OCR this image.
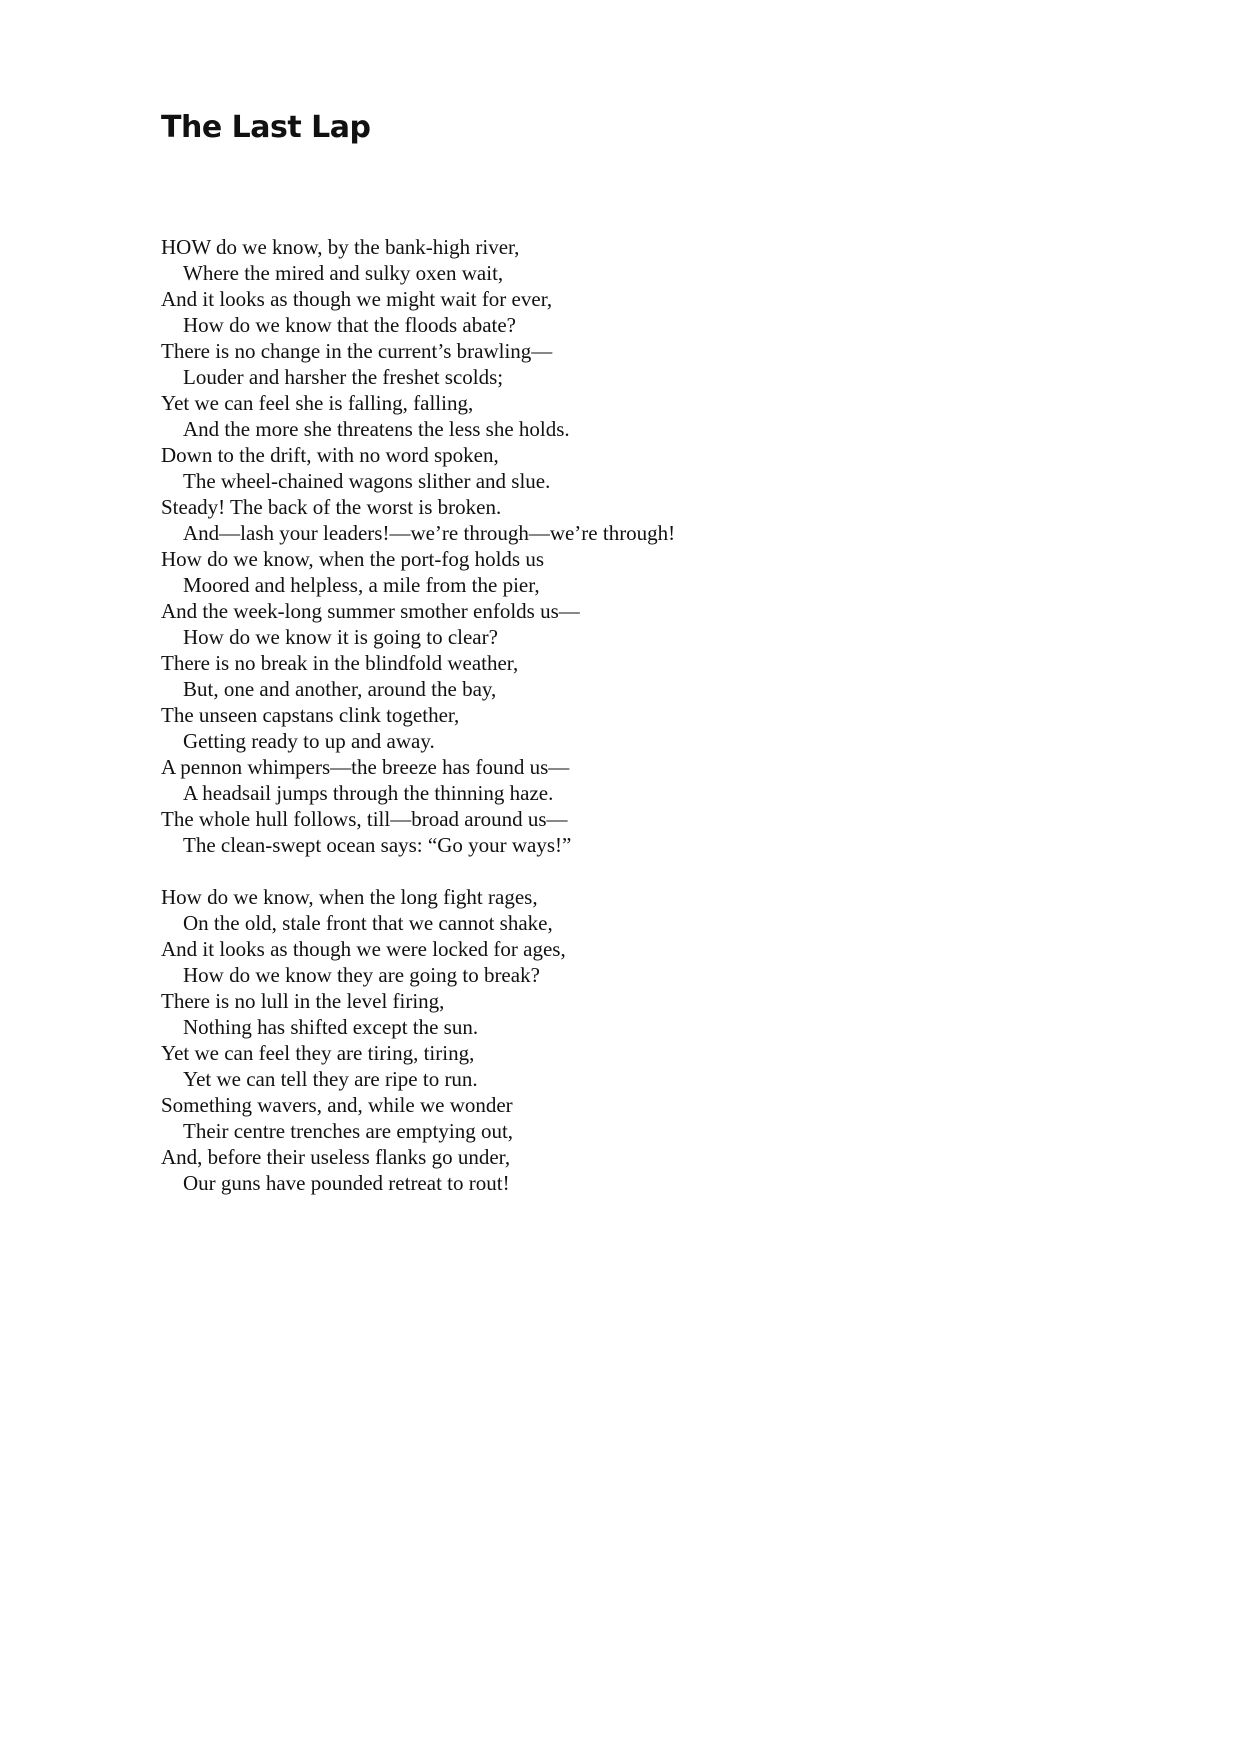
The Last Lap
HOW do we know, by the bank-high river,
Where the mired and sulky oxen wait,
And it looks as though we might wait for ever,
How do we know that the floods abate?
There is no change in the current’s brawling—
Louder and harsher the freshet scolds;
Yet we can feel she is falling, falling,
And the more she threatens the less she holds.
Down to the drift, with no word spoken,
The wheel-chained wagons slither and slue.
Steady! The back of the worst is broken.
And—lash your leaders!—we’re through—we’re through!
How do we know, when the port-fog holds us
Moored and helpless, a mile from the pier,
And the week-long summer smother enfolds us—
How do we know it is going to clear?
There is no break in the blindfold weather,
But, one and another, around the bay,
The unseen capstans clink together,
Getting ready to up and away.
A pennon whimpers—the breeze has found us—
A headsail jumps through the thinning haze.
The whole hull follows, till—broad around us—
The clean-swept ocean says: “Go your ways!”
How do we know, when the long fight rages,
On the old, stale front that we cannot shake,
And it looks as though we were locked for ages,
How do we know they are going to break?
There is no lull in the level firing,
Nothing has shifted except the sun.
Yet we can feel they are tiring, tiring,
Yet we can tell they are ripe to run.
Something wavers, and, while we wonder
Their centre trenches are emptying out,
And, before their useless flanks go under,
Our guns have pounded retreat to rout!
